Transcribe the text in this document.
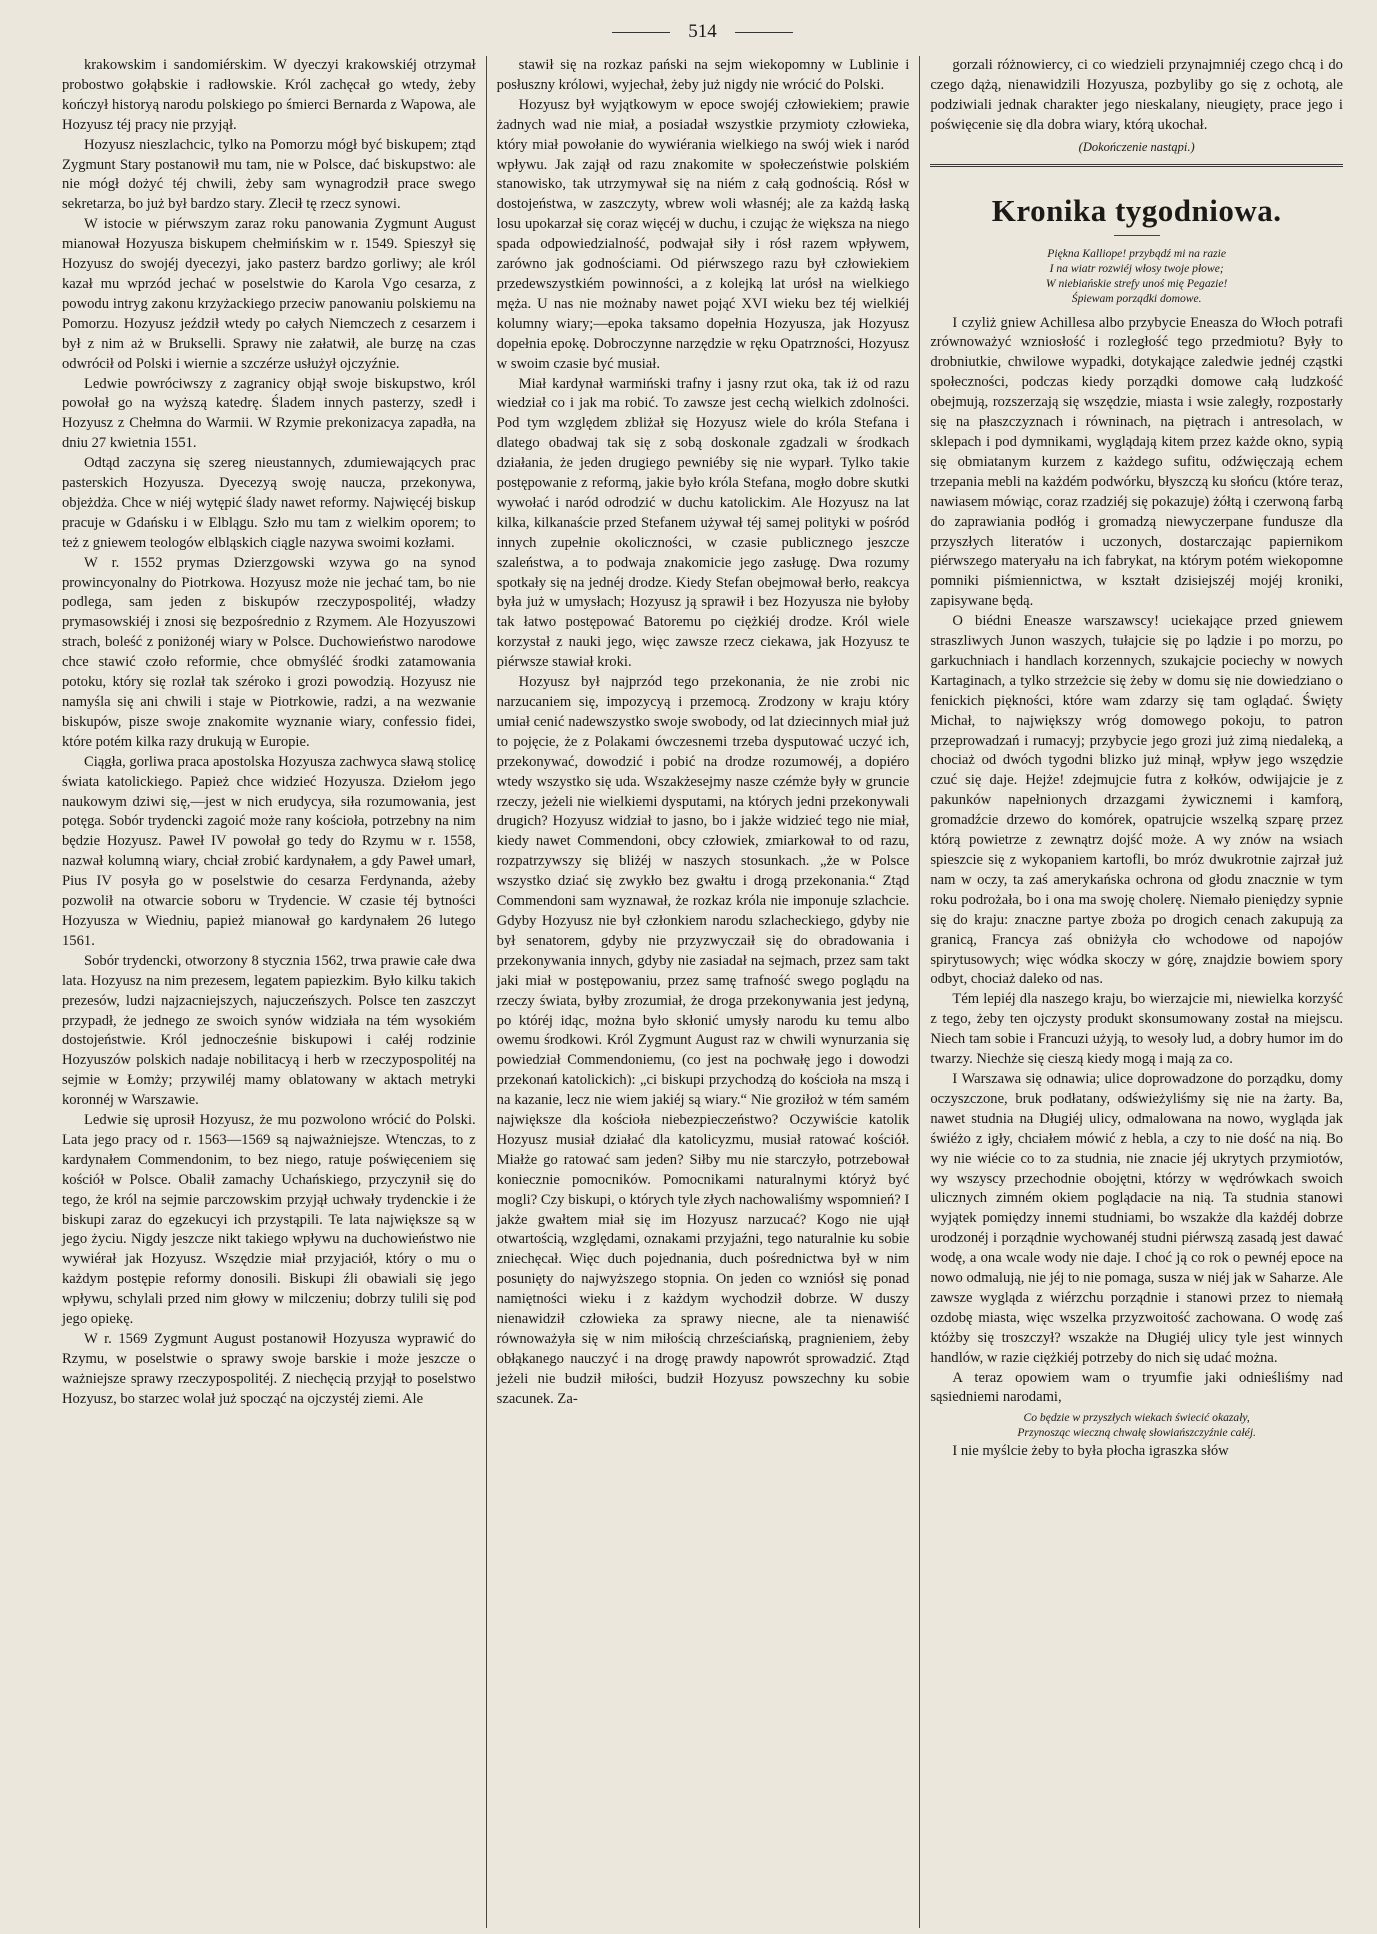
514

krakowskim i sandomiérskim. W dyeczyi krakowskiéj otrzymał probostwo gołąbskie i radłowskie. Król zachęcał go wtedy, żeby kończył historyą narodu polskiego po śmierci Bernarda z Wapowa, ale Hozyusz téj pracy nie przyjął.

Hozyusz nieszlachcic, tylko na Pomorzu mógł być biskupem; ztąd Zygmunt Stary postanowił mu tam, nie w Polsce, dać biskupstwo: ale nie mógł dożyć téj chwili, żeby sam wynagrodził prace swego sekretarza, bo już był bardzo stary. Zlecił tę rzecz synowi.

W istocie w piérwszym zaraz roku panowania Zygmunt August mianował Hozyusza biskupem chełmińskim w r. 1549. Spieszył się Hozyusz do swojéj dyecezyi, jako pasterz bardzo gorliwy; ale król kazał mu wprzód jechać w poselstwie do Karola Vgo cesarza, z powodu intryg zakonu krzyżackiego przeciw panowaniu polskiemu na Pomorzu. Hozyusz jeździł wtedy po całych Niemczech z cesarzem i był z nim aż w Brukselli. Sprawy nie załatwił, ale burzę na czas odwrócił od Polski i wiernie a szczérze usłużył ojczyźnie.

Ledwie powróciwszy z zagranicy objął swoje biskupstwo, król powołał go na wyższą katedrę. Śladem innych pasterzy, szedł i Hozyusz z Chełmna do Warmii. W Rzymie prekonizacya zapadła, na dniu 27 kwietnia 1551.

Odtąd zaczyna się szereg nieustannych, zdumiewających prac pasterskich Hozyusza. Dyecezyą swoję naucza, przekonywa, objeżdża. Chce w niéj wytępić ślady nawet reformy. Najwięcéj biskup pracuje w Gdańsku i w Elblągu. Szło mu tam z wielkim oporem; to też z gniewem teologów elbląskich ciągle nazywa swoimi kozłami.

W r. 1552 prymas Dzierzgowski wzywa go na synod prowincyonalny do Piotrkowa. Hozyusz może nie jechać tam, bo nie podlega, sam jeden z biskupów rzeczypospolitéj, władzy prymasowskiéj i znosi się bezpośrednio z Rzymem. Ale Hozyuszowi strach, boleść z poniżonéj wiary w Polsce. Duchowieństwo narodowe chce stawić czoło reformie, chce obmyśléć środki zatamowania potoku, który się rozlał tak széroko i grozi powodzią. Hozyusz nie namyśla się ani chwili i staje w Piotrkowie, radzi, a na wezwanie biskupów, pisze swoje znakomite wyznanie wiary, confessio fidei, które potém kilka razy drukują w Europie.

Ciągła, gorliwa praca apostolska Hozyusza zachwyca sławą stolicę świata katolickiego. Papież chce widzieć Hozyusza. Dziełom jego naukowym dziwi się,—jest w nich erudycya, siła rozumowania, jest potęga. Sobór trydencki zagoić może rany kościoła, potrzebny na nim będzie Hozyusz. Paweł IV powołał go tedy do Rzymu w r. 1558, nazwał kolumną wiary, chciał zrobić kardynałem, a gdy Paweł umarł, Pius IV posyła go w poselstwie do cesarza Ferdynanda, ażeby pozwolił na otwarcie soboru w Trydencie. W czasie téj bytności Hozyusza w Wiedniu, papież mianował go kardynałem 26 lutego 1561.

Sobór trydencki, otworzony 8 stycznia 1562, trwa prawie całe dwa lata. Hozyusz na nim prezesem, legatem papiezkim. Było kilku takich prezesów, ludzi najzacniejszych, najuczeńszych. Polsce ten zaszczyt przypadł, że jednego ze swoich synów widziała na tém wysokiém dostojeństwie. Król jednocześnie biskupowi i całéj rodzinie Hozyuszów polskich nadaje nobilitacyą i herb w rzeczypospolitéj na sejmie w Łomży; przywiléj mamy oblatowany w aktach metryki koronnéj w Warszawie.

Ledwie się uprosił Hozyusz, że mu pozwolono wrócić do Polski. Lata jego pracy od r. 1563—1569 są najważniejsze. Wtenczas, to z kardynałem Commendonim, to bez niego, ratuje poświęceniem się kościół w Polsce. Obalił zamachy Uchańskiego, przyczynił się do tego, że król na sejmie parczowskim przyjął uchwały trydenckie i że biskupi zaraz do egzekucyi ich przystąpili. Te lata największe są w jego życiu. Nigdy jeszcze nikt takiego wpływu na duchowieństwo nie wywiérał jak Hozyusz. Wszędzie miał przyjaciół, który o mu o każdym postępie reformy donosili. Biskupi źli obawiali się jego wpływu, schylali przed nim głowy w milczeniu; dobrzy tulili się pod jego opiekę.

W r. 1569 Zygmunt August postanowił Hozyusza wyprawić do Rzymu, w poselstwie o sprawy swoje barskie i może jeszcze o ważniejsze sprawy rzeczypospolitéj. Z niechęcią przyjął to poselstwo Hozyusz, bo starzec wolał już spocząć na ojczystéj ziemi. Ale

stawił się na rozkaz pański na sejm wiekopomny w Lublinie i posłuszny królowi, wyjechał, żeby już nigdy nie wrócić do Polski.

Hozyusz był wyjątkowym w epoce swojéj człowiekiem; prawie żadnych wad nie miał, a posiadał wszystkie przymioty człowieka, który miał powołanie do wywiérania wielkiego na swój wiek i naród wpływu. Jak zajął od razu znakomite w społeczeństwie polskiém stanowisko, tak utrzymywał się na niém z całą godnością. Rósł w dostojeństwa, w zaszczyty, wbrew woli własnéj; ale za każdą łaską losu upokarzał się coraz więcéj w duchu, i czując że większa na niego spada odpowiedzialność, podwajał siły i rósł razem wpływem, zarówno jak godnościami. Od piérwszego razu był człowiekiem przedewszystkiém powinności, a z kolejką lat urósł na wielkiego męża. U nas nie możnaby nawet pojąć XVI wieku bez téj wielkiéj kolumny wiary;—epoka taksamo dopełnia Hozyusza, jak Hozyusz dopełnia epokę. Dobroczynne narzędzie w ręku Opatrzności, Hozyusz w swoim czasie być musiał.

Miał kardynał warmiński trafny i jasny rzut oka, tak iż od razu wiedział co i jak ma robić. To zawsze jest cechą wielkich zdolności. Pod tym względem zbliżał się Hozyusz wiele do króla Stefana i dlatego obadwaj tak się z sobą doskonale zgadzali w środkach działania, że jeden drugiego pewniéby się nie wyparł. Tylko takie postępowanie z reformą, jakie było króla Stefana, mogło dobre skutki wywołać i naród odrodzić w duchu katolickim. Ale Hozyusz na lat kilka, kilkanaście przed Stefanem używał téj samej polityki w pośród innych zupełnie okoliczności, w czasie publicznego jeszcze szaleństwa, a to podwaja znakomicie jego zasługę. Dwa rozumy spotkały się na jednéj drodze. Kiedy Stefan obejmował berło, reakcya była już w umysłach; Hozyusz ją sprawił i bez Hozyusza nie byłoby tak łatwo postępować Batoremu po ciężkiéj drodze. Król wiele korzystał z nauki jego, więc zawsze rzecz ciekawa, jak Hozyusz te piérwsze stawiał kroki.

Hozyusz był najprzód tego przekonania, że nie zrobi nic narzucaniem się, impozycyą i przemocą. Zrodzony w kraju który umiał cenić nadewszystko swoje swobody, od lat dziecinnych miał już to pojęcie, że z Polakami ówczesnemi trzeba dysputować uczyć ich, przekonywać, dowodzić i pobić na drodze rozumowéj, a dopiéro wtedy wszystko się uda. Wszakżesejmy nasze czémże były w gruncie rzeczy, jeżeli nie wielkiemi dysputami, na których jedni przekonywali drugich? Hozyusz widział to jasno, bo i jakże widzieć tego nie miał, kiedy nawet Commendoni, obcy człowiek, zmiarkował to od razu, rozpatrzywszy się bliżéj w naszych stosunkach. „że w Polsce wszystko dziać się zwykło bez gwałtu i drogą przekonania.“ Ztąd Commendoni sam wyznawał, że rozkaz króla nie imponuje szlachcie. Gdyby Hozyusz nie był członkiem narodu szlacheckiego, gdyby nie był senatorem, gdyby nie przyzwyczaił się do obradowania i przekonywania innych, gdyby nie zasiadał na sejmach, przez sam takt jaki miał w postępowaniu, przez samę trafność swego poglądu na rzeczy świata, byłby zrozumiał, że droga przekonywania jest jedyną, po któréj idąc, można było skłonić umysły narodu ku temu albo owemu środkowi. Król Zygmunt August raz w chwili wynurzania się powiedział Commendoniemu, (co jest na pochwałę jego i dowodzi przekonań katolickich): „ci biskupi przychodzą do kościoła na mszą i na kazanie, lecz nie wiem jakiéj są wiary.“ Nie groziłoż w tém samém największe dla kościoła niebezpieczeństwo? Oczywiście katolik Hozyusz musiał działać dla katolicyzmu, musiał ratować kościół. Miałże go ratować sam jeden? Siłby mu nie starczyło, potrzebował koniecznie pomocników. Pomocnikami naturalnymi któryż być mogli? Czy biskupi, o których tyle złych nachowaliśmy wspomnień? I jakże gwałtem miał się im Hozyusz narzucać? Kogo nie ujął otwartością, względami, oznakami przyjaźni, tego naturalnie ku sobie zniechęcał. Więc duch pojednania, duch pośrednictwa był w nim posunięty do najwyższego stopnia. On jeden co wzniósł się ponad namiętności wieku i z każdym wychodził dobrze. W duszy nienawidził człowieka za sprawy niecne, ale ta nienawiść równoważyła się w nim miłością chrześciańską, pragnieniem, żeby obłąkanego nauczyć i na drogę prawdy napowrót sprowadzić. Ztąd jeżeli nie budził miłości, budził Hozyusz powszechny ku sobie szacunek. Za-

gorzali różnowiercy, ci co wiedzieli przynajmniéj czego chcą i do czego dążą, nienawidzili Hozyusza, pozbyliby go się z ochotą, ale podziwiali jednak charakter jego nieskalany, nieugięty, prace jego i poświęcenie się dla dobra wiary, którą ukochał.

(Dokończenie nastąpi.)
Kronika tygodniowa.
Piękna Kalliope! przybądź mi na razie
I na wiatr rozwiéj włosy twoje płowe;
W niebiańskie strefy unoś mię Pegazie!
Śpiewam porządki domowe.

I czyliż gniew Achillesa albo przybycie Eneasza do Włoch potrafi zrównoważyć wzniosłość i rozległość tego przedmiotu? Były to drobniutkie, chwilowe wypadki, dotykające zaledwie jednéj cząstki społeczności, podczas kiedy porządki domowe całą ludzkość obejmują, rozszerzają się wszędzie, miasta i wsie zaległy, rozpostarły się na płaszczyznach i równinach, na piętrach i antresolach, w sklepach i pod dymnikami, wyglądają kitem przez każde okno, sypią się obmiatanym kurzem z każdego sufitu, odźwięczają echem trzepania mebli na każdém podwórku, błyszczą ku słońcu (które teraz, nawiasem mówiąc, coraz rzadziéj się pokazuje) żółtą i czerwoną farbą do zaprawiania podłóg i gromadzą niewyczerpane fundusze dla przyszłych literatów i uczonych, dostarczając papiernikom piérwszego materyału na ich fabrykat, na którym potém wiekopomne pomniki piśmiennictwa, w kształt dzisiejszéj mojéj kroniki, zapisywane będą.

O biédni Eneasze warszawscy! uciekające przed gniewem straszliwych Junon waszych, tułajcie się po lądzie i po morzu, po garkuchniach i handlach korzennych, szukajcie pociechy w nowych Kartaginach, a tylko strzeżcie się żeby w domu się nie dowiedziano o fenickich piękności, które wam zdarzy się tam oglądać. Święty Michał, to największy wróg domowego pokoju, to patron przeprowadzań i rumacyj; przybycie jego grozi już zimą niedaleką, a chociaż od dwóch tygodni blizko już minął, wpływ jego wszędzie czuć się daje. Hejże! zdejmujcie futra z kołków, odwijajcie je z pakunków napełnionych drzazgami żywicznemi i kamforą, gromadźcie drzewo do komórek, opatrujcie wszelką szparę przez którą powietrze z zewnątrz dojść może. A wy znów na wsiach spieszcie się z wykopaniem kartofli, bo mróz dwukrotnie zajrzał już nam w oczy, ta zaś amerykańska ochrona od głodu znacznie w tym roku podrożała, bo i ona ma swoję cholerę. Niemało pieniędzy sypnie się do kraju: znaczne partye zboża po drogich cenach zakupują za granicą, Francya zaś obniżyła cło wchodowe od napojów spirytusowych; więc wódka skoczy w górę, znajdzie bowiem spory odbyt, chociaż daleko od nas.

Tém lepiéj dla naszego kraju, bo wierzajcie mi, niewielka korzyść z tego, żeby ten ojczysty produkt skonsumowany został na miejscu. Niech tam sobie i Francuzi użyją, to wesoły lud, a dobry humor im do twarzy. Niechże się cieszą kiedy mogą i mają za co.

I Warszawa się odnawia; ulice doprowadzone do porządku, domy oczyszczone, bruk podłatany, odświeżyliśmy się nie na żarty. Ba, nawet studnia na Długiéj ulicy, odmalowana na nowo, wygląda jak świéżo z igły, chciałem mówić z hebla, a czy to nie dość na nią. Bo wy nie wiécie co to za studnia, nie znacie jéj ukrytych przymiotów, wy wszyscy przechodnie obojętni, którzy w wędrówkach swoich ulicznych zimném okiem poglądacie na nią. Ta studnia stanowi wyjątek pomiędzy innemi studniami, bo wszakże dla każdéj dobrze urodzonéj i porządnie wychowanéj studni piérwszą zasadą jest dawać wodę, a ona wcale wody nie daje. I choć ją co rok o pewnéj epoce na nowo odmalują, nie jéj to nie pomaga, susza w niéj jak w Saharze. Ale zawsze wygląda z wiérzchu porządnie i stanowi przez to niemałą ozdobę miasta, więc wszelka przyzwoitość zachowana. O wodę zaś któżby się troszczył? wszakże na Długiéj ulicy tyle jest winnych handlów, w razie ciężkiéj potrzeby do nich się udać można.

A teraz opowiem wam o tryumfie jaki odnieśliśmy nad sąsiedniemi narodami,

Co będzie w przyszłych wiekach świecić okazały,
Przynosząc wieczną chwałę słowiańszczyźnie całéj.

I nie myślcie żeby to była płocha igraszka słów
